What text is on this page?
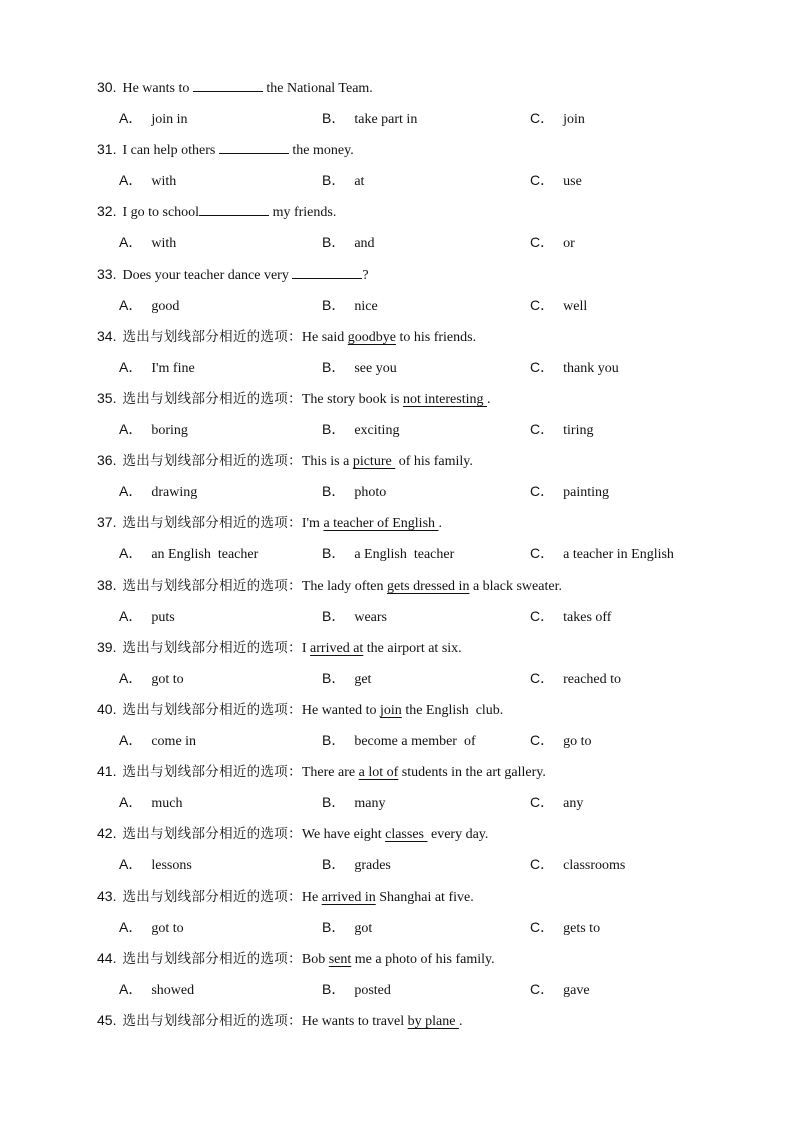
30. He wants to	the National Team.
A． join in	B． take part in	C． join
31. I can help others	the money.
A． with	B． at	C． use
32. I go to school	my friends.
A． with	B． and	C． or
33. Does your teacher dance very	?
A． good	B． nice	C． well
34. 选出与划线部分相近的选项：He said goodbye to his friends.
A． I'm fine	B． see you	C． thank you
35. 选出与划线部分相近的选项：The story book is not interesting .
A． boring	B． exciting	C． tiring
36. 选出与划线部分相近的选项：This is a picture  of his family.
A． drawing	B． photo	C． painting
37. 选出与划线部分相近的选项：I'm a teacher of English .
A． an English  teacher	B． a English  teacher	C． a teacher in English
38. 选出与划线部分相近的选项：The lady often gets dressed in a black sweater.
A． puts	B． wears	C． takes off
39. 选出与划线部分相近的选项：I arrived at the airport at six.
A． got to	B． get	C． reached to
40. 选出与划线部分相近的选项：He wanted to join the English  club.
A． come in	B． become a member  of	C． go to
41. 选出与划线部分相近的选项：There are a lot of students in the art gallery.
A． much	B． many	C． any
42. 选出与划线部分相近的选项：We have eight classes  every day.
A． lessons	B． grades	C． classrooms
43. 选出与划线部分相近的选项：He arrived in Shanghai at five.
A． got to	B． got	C． gets to
44. 选出与划线部分相近的选项：Bob sent me a photo of his family.
A． showed	B． posted	C． gave
45. 选出与划线部分相近的选项：He wants to travel by plane .
